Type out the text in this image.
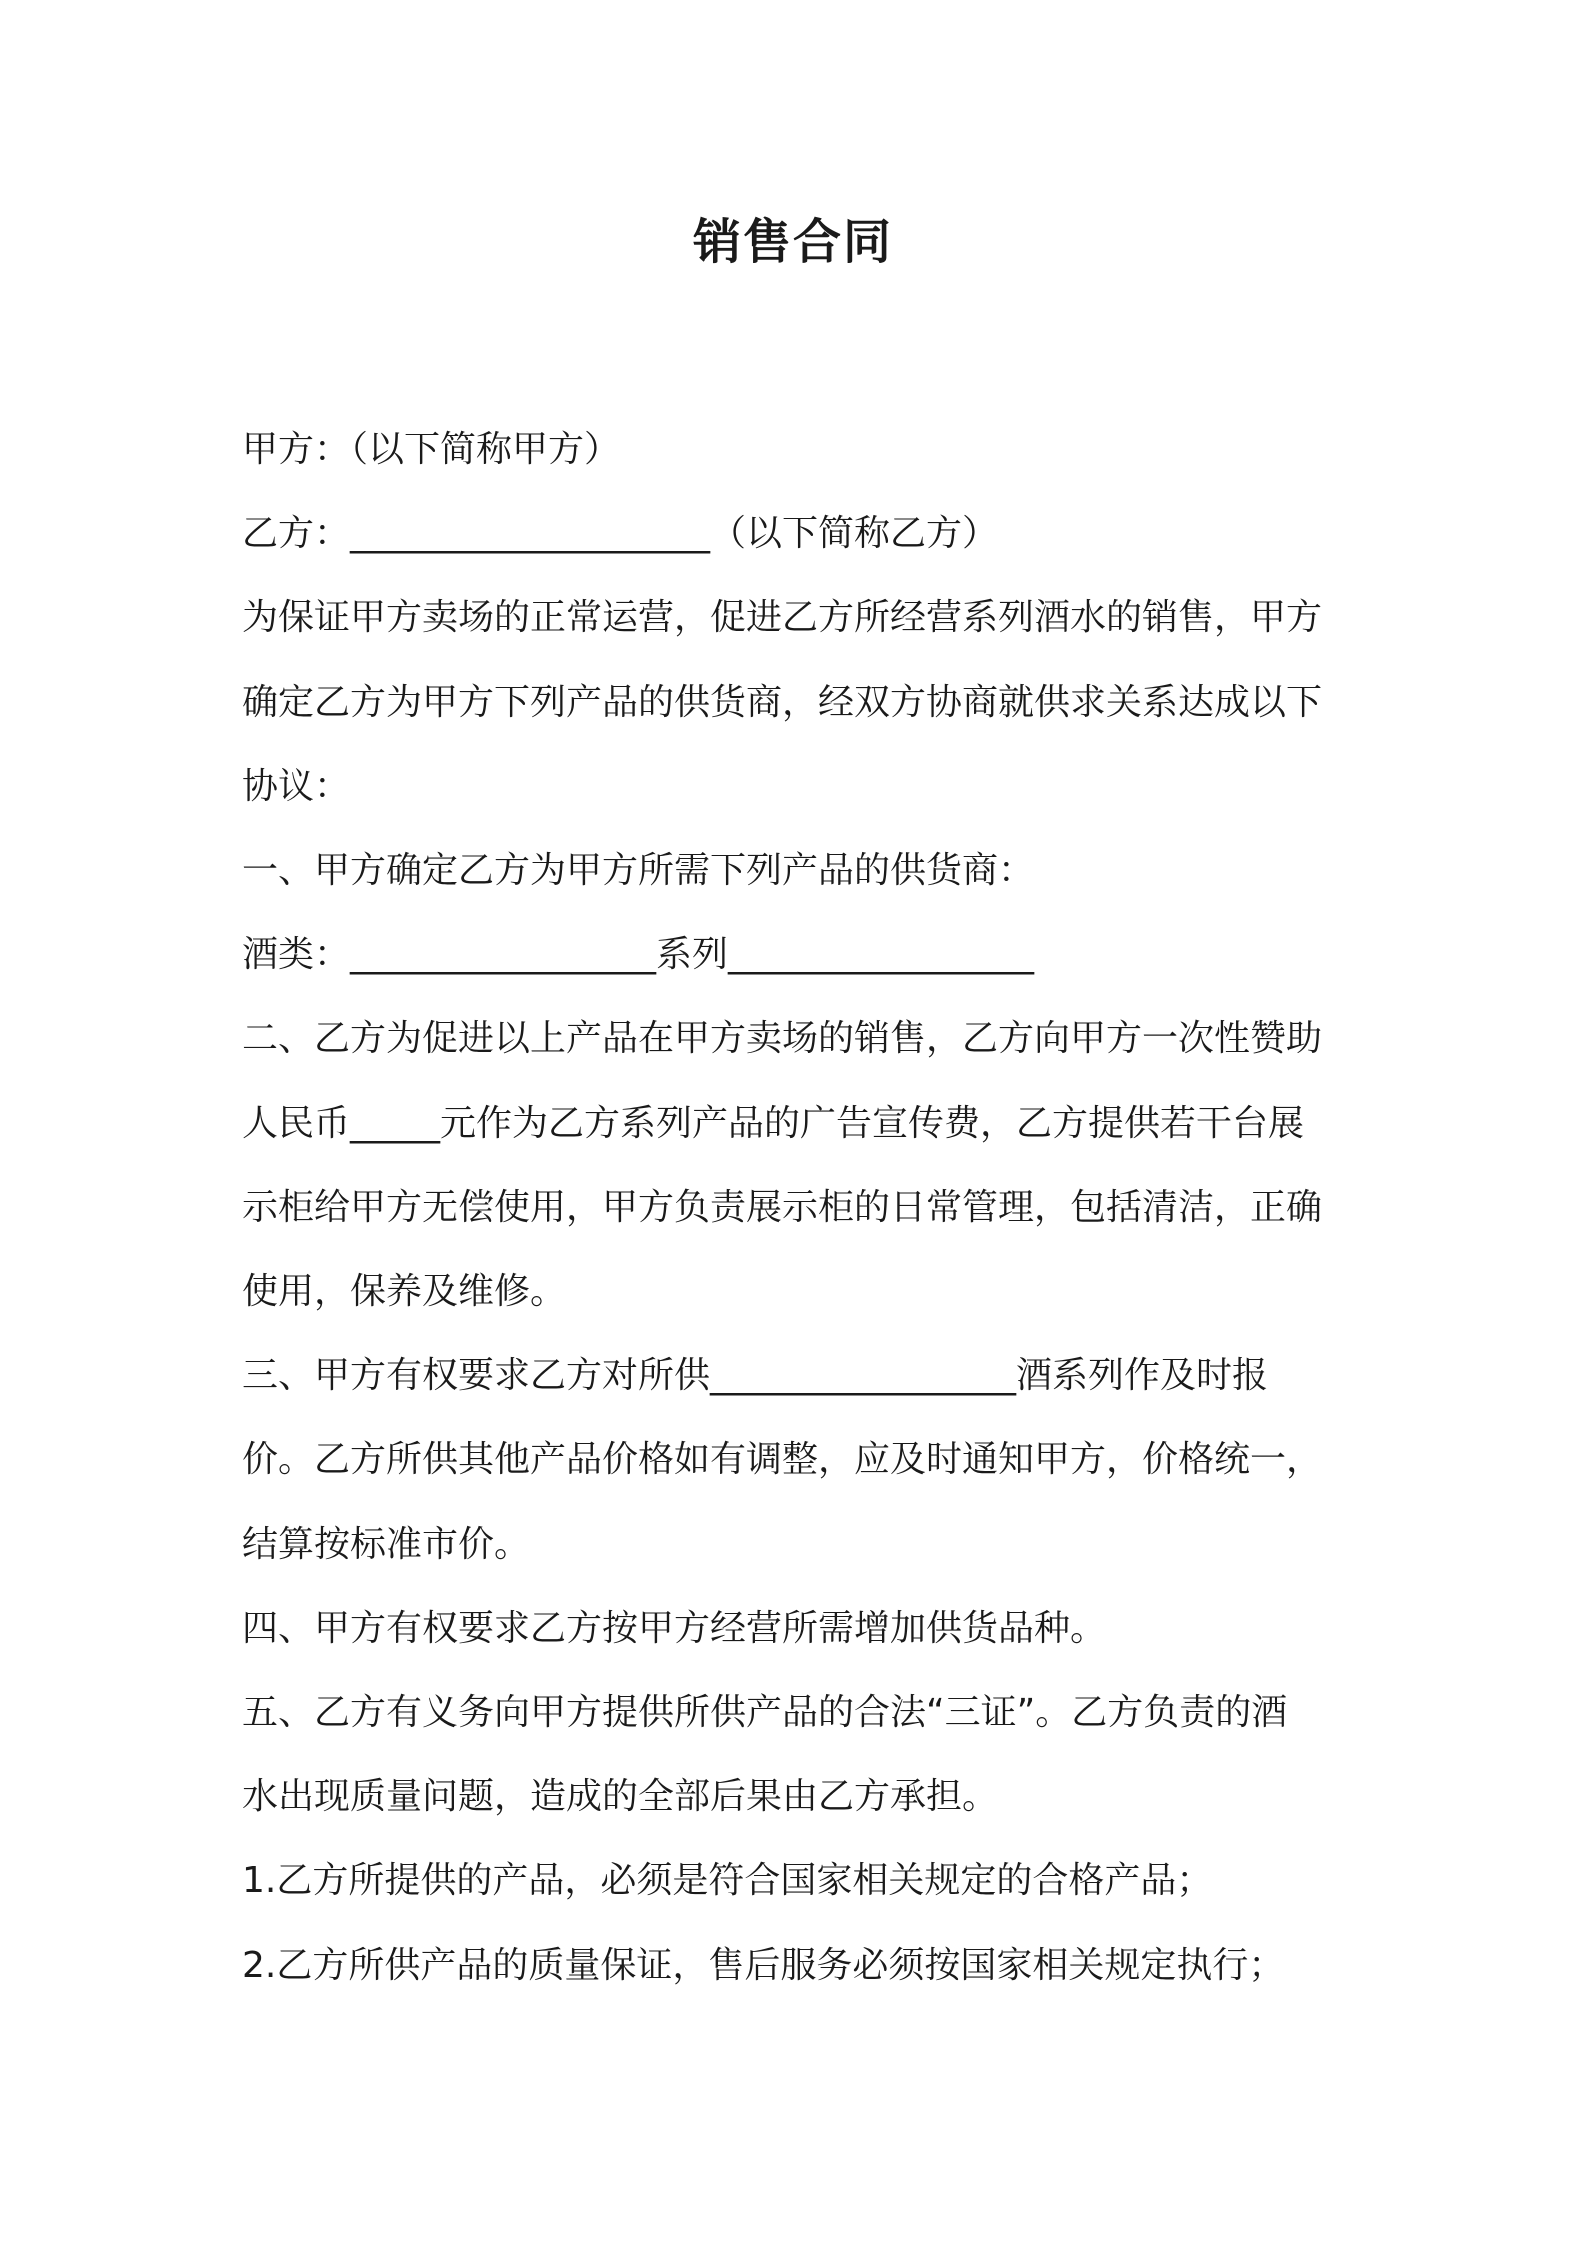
销售合同

甲方：（以下简称甲方）

乙方：____________________（以下简称乙方）

为保证甲方卖场的正常运营，促进乙方所经营系列酒水的销售，甲方

确定乙方为甲方下列产品的供货商，经双方协商就供求关系达成以下

协议：

一、甲方确定乙方为甲方所需下列产品的供货商：

酒类：_________________系列_________________

二、乙方为促进以上产品在甲方卖场的销售，乙方向甲方一次性赞助

人民币_____元作为乙方系列产品的广告宣传费，乙方提供若干台展

示柜给甲方无偿使用，甲方负责展示柜的日常管理，包括清洁，正确

使用，保养及维修。

三、甲方有权要求乙方对所供_________________酒系列作及时报

价。乙方所供其他产品价格如有调整，应及时通知甲方，价格统一，

结算按标准市价。

四、甲方有权要求乙方按甲方经营所需增加供货品种。

五、乙方有义务向甲方提供所供产品的合法“三证”。乙方负责的酒

水出现质量问题，造成的全部后果由乙方承担。

1.乙方所提供的产品，必须是符合国家相关规定的合格产品；

2.乙方所供产品的质量保证，售后服务必须按国家相关规定执行；
